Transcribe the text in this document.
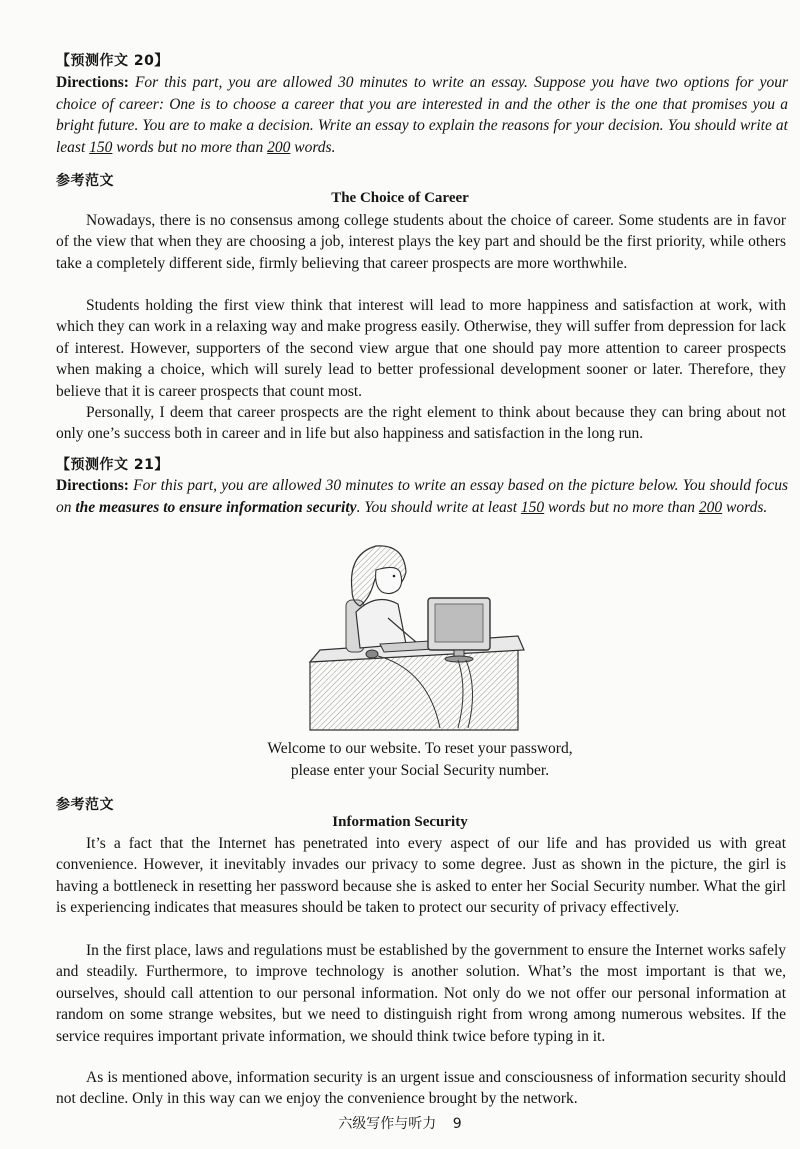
【预测作文 20】
Directions: For this part, you are allowed 30 minutes to write an essay. Suppose you have two options for your choice of career: One is to choose a career that you are interested in and the other is the one that promises you a bright future. You are to make a decision. Write an essay to explain the reasons for your decision. You should write at least 150 words but no more than 200 words.
参考范文
The Choice of Career

Nowadays, there is no consensus among college students about the choice of career. Some students are in favor of the view that when they are choosing a job, interest plays the key part and should be the first priority, while others take a completely different side, firmly believing that career prospects are more worthwhile.

Students holding the first view think that interest will lead to more happiness and satisfaction at work, with which they can work in a relaxing way and make progress easily. Otherwise, they will suffer from depression for lack of interest. However, supporters of the second view argue that one should pay more attention to career prospects when making a choice, which will surely lead to better professional development sooner or later. Therefore, they believe that it is career prospects that count most.

Personally, I deem that career prospects are the right element to think about because they can bring about not only one’s success both in career and in life but also happiness and satisfaction in the long run.

【预测作文 21】
Directions: For this part, you are allowed 30 minutes to write an essay based on the picture below. You should focus on the measures to ensure information security. You should write at least 150 words but no more than 200 words.
Welcome to our website. To reset your password,
please enter your Social Security number.
参考范文
Information Security

It’s a fact that the Internet has penetrated into every aspect of our life and has provided us with great convenience. However, it inevitably invades our privacy to some degree. Just as shown in the picture, the girl is having a bottleneck in resetting her password because she is asked to enter her Social Security number. What the girl is experiencing indicates that measures should be taken to protect our security of privacy effectively.

In the first place, laws and regulations must be established by the government to ensure the Internet works safely and steadily. Furthermore, to improve technology is another solution. What’s the most important is that we, ourselves, should call attention to our personal information. Not only do we not offer our personal information at random on some strange websites, but we need to distinguish right from wrong among numerous websites. If the service requires important private information, we should think twice before typing in it.

As is mentioned above, information security is an urgent issue and consciousness of information security should not decline. Only in this way can we enjoy the convenience brought by the network.

六级写作与听力 9
